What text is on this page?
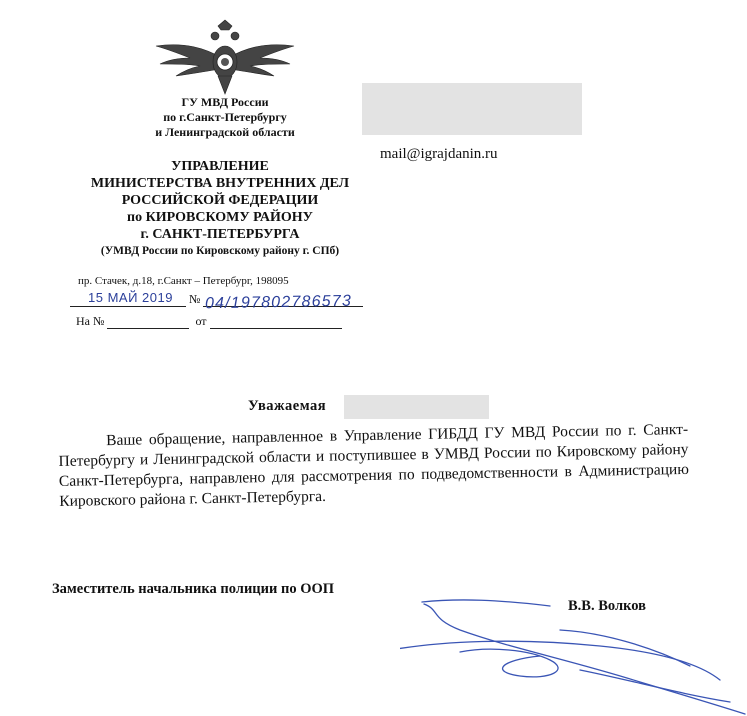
ГУ МВД России
по г.Санкт-Петербургу
и Ленинградской области
УПРАВЛЕНИЕ
МИНИСТЕРСТВА ВНУТРЕННИХ ДЕЛ
РОССИЙСКОЙ ФЕДЕРАЦИИ
по КИРОВСКОМУ РАЙОНУ
г. САНКТ-ПЕТЕРБУРГА
(УМВД России по Кировскому району г. СПб)
пр. Стачек, д.18, г.Санкт – Петербург, 198095
№
15 МАЙ 2019 04/197802786573
На №	от
mail@igrajdanin.ru
Уважаемая

Ваше обращение, направленное в Управление ГИБДД ГУ МВД России по г. Санкт-Петербургу и Ленинградской области и поступившее в УМВД России по Кировскому району Санкт-Петербурга, направлено для рассмотрения по подведомственности в Администрацию Кировского района г. Санкт-Петербурга.

Заместитель начальника полиции по ООП
В.В. Волков
